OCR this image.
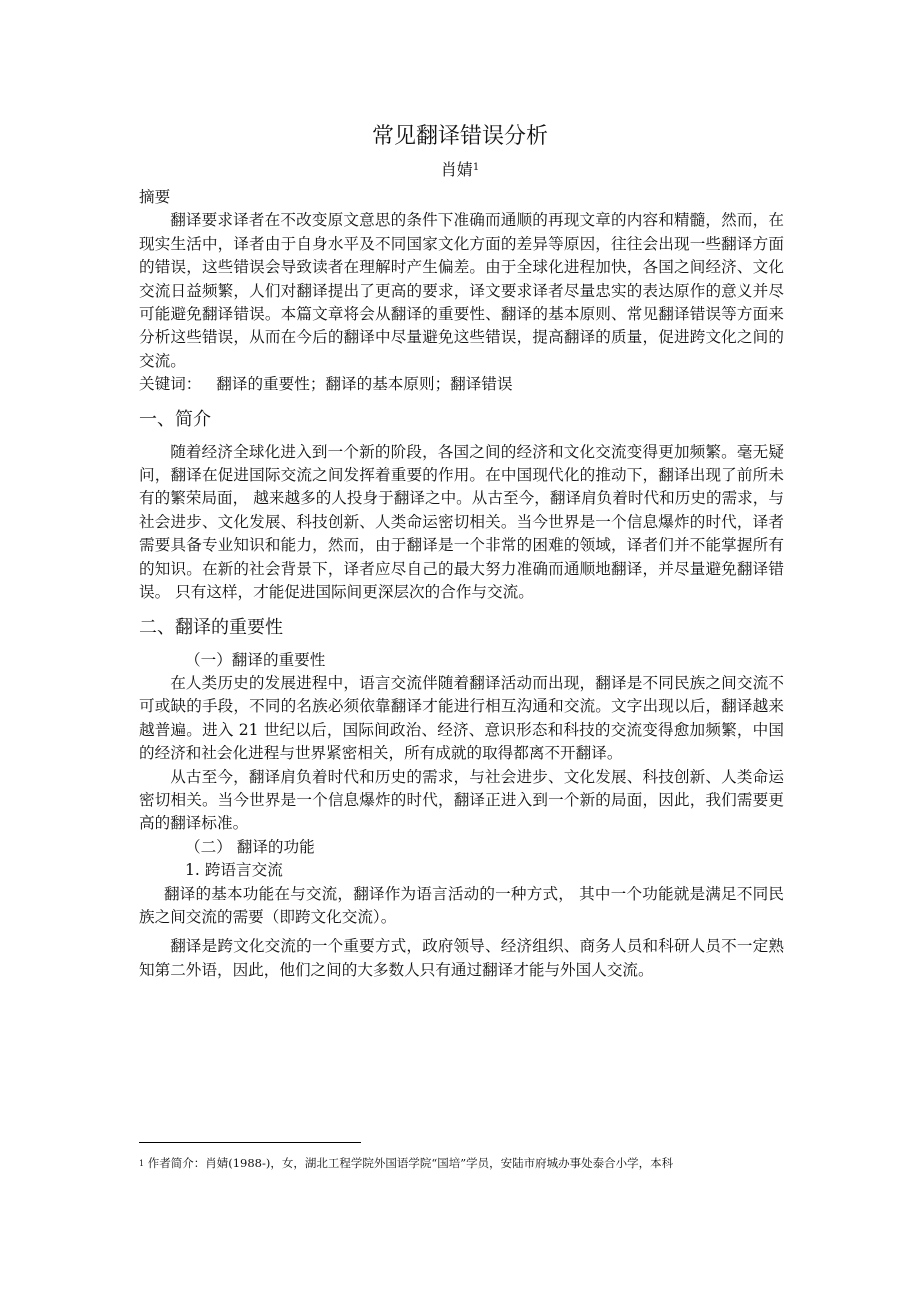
常见翻译错误分析
肖婧$^1$

摘要

翻译要求译者在不改变原文意思的条件下准确而通顺的再现文章的内容和精髓，然而，在现实生活中，译者由于自身水平及不同国家文化方面的差异等原因，往往会出现一些翻译方面的错误，这些错误会导致读者在理解时产生偏差。由于全球化进程加快，各国之间经济、文化交流日益频繁，人们对翻译提出了更高的要求，译文要求译者尽量忠实的表达原作的意义并尽可能避免翻译错误。本篇文章将会从翻译的重要性、翻译的基本原则、常见翻译错误等方面来分析这些错误，从而在今后的翻译中尽量避免这些错误，提高翻译的质量，促进跨文化之间的交流。

关键词： 翻译的重要性；翻译的基本原则；翻译错误

一、简介

随着经济全球化进入到一个新的阶段，各国之间的经济和文化交流变得更加频繁。毫无疑问，翻译在促进国际交流之间发挥着重要的作用。在中国现代化的推动下，翻译出现了前所未有的繁荣局面， 越来越多的人投身于翻译之中。从古至今，翻译肩负着时代和历史的需求，与社会进步、文化发展、科技创新、人类命运密切相关。当今世界是一个信息爆炸的时代，译者需要具备专业知识和能力，然而，由于翻译是一个非常的困难的领域，译者们并不能掌握所有的知识。在新的社会背景下，译者应尽自己的最大努力准确而通顺地翻译，并尽量避免翻译错误。 只有这样，才能促进国际间更深层次的合作与交流。

二、翻译的重要性

（一）翻译的重要性

在人类历史的发展进程中，语言交流伴随着翻译活动而出现，翻译是不同民族之间交流不可或缺的手段，不同的名族必须依靠翻译才能进行相互沟通和交流。文字出现以后，翻译越来越普遍。进入 21 世纪以后，国际间政治、经济、意识形态和科技的交流变得愈加频繁，中国的经济和社会化进程与世界紧密相关，所有成就的取得都离不开翻译。

从古至今，翻译肩负着时代和历史的需求，与社会进步、文化发展、科技创新、人类命运密切相关。当今世界是一个信息爆炸的时代，翻译正进入到一个新的局面，因此，我们需要更高的翻译标准。

（二） 翻译的功能

1. 跨语言交流

翻译的基本功能在与交流，翻译作为语言活动的一种方式， 其中一个功能就是满足不同民族之间交流的需要（即跨文化交流）。

翻译是跨文化交流的一个重要方式，政府领导、经济组织、商务人员和科研人员不一定熟知第二外语，因此，他们之间的大多数人只有通过翻译才能与外国人交流。

$^1$ 作者简介：肖婧(1988-)，女，湖北工程学院外国语学院“国培”学员，安陆市府城办事处泰合小学，本科
